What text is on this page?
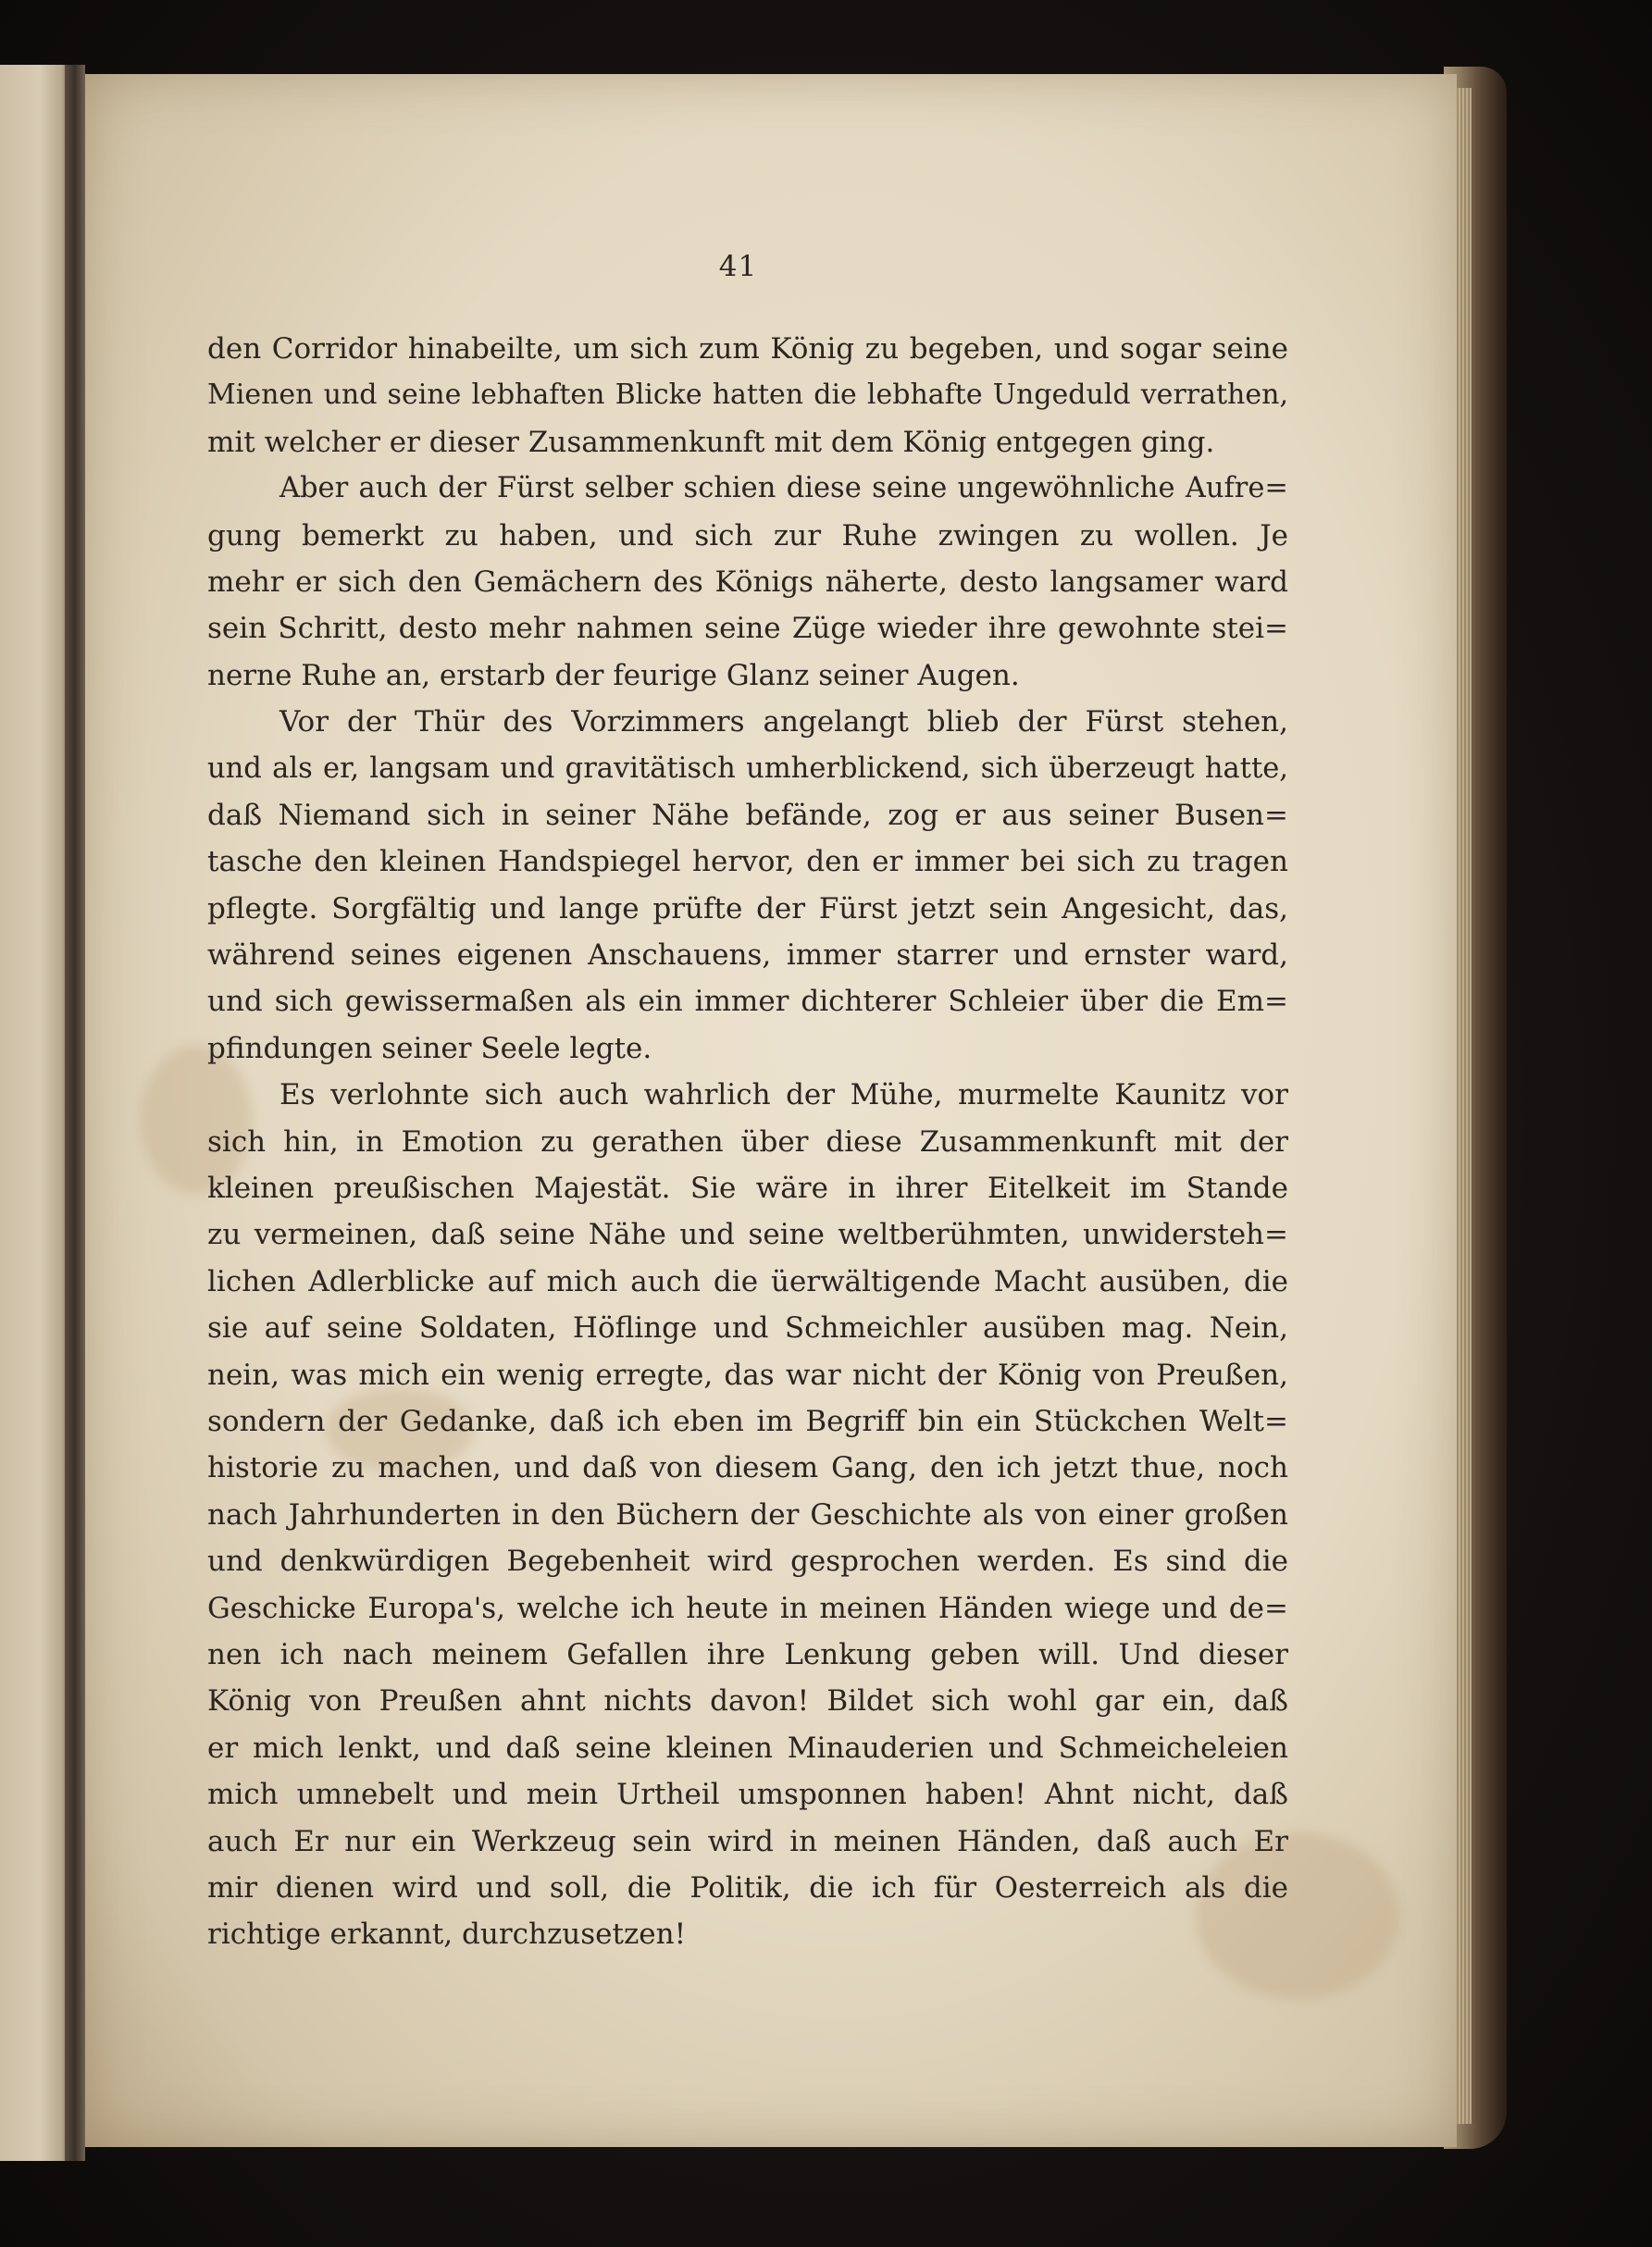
41
den Corridor hinabeilte, um sich zum König zu begeben, und sogar seine
Mienen und seine lebhaften Blicke hatten die lebhafte Ungeduld verrathen,
mit welcher er dieser Zusammenkunft mit dem König entgegen ging.
Aber auch der Fürst selber schien diese seine ungewöhnliche Aufre=
gung bemerkt zu haben, und sich zur Ruhe zwingen zu wollen. Je
mehr er sich den Gemächern des Königs näherte, desto langsamer ward
sein Schritt, desto mehr nahmen seine Züge wieder ihre gewohnte stei=
nerne Ruhe an, erstarb der feurige Glanz seiner Augen.
Vor der Thür des Vorzimmers angelangt blieb der Fürst stehen,
und als er, langsam und gravitätisch umherblickend, sich überzeugt hatte,
daß Niemand sich in seiner Nähe befände, zog er aus seiner Busen=
tasche den kleinen Handspiegel hervor, den er immer bei sich zu tragen
pflegte. Sorgfältig und lange prüfte der Fürst jetzt sein Angesicht, das,
während seines eigenen Anschauens, immer starrer und ernster ward,
und sich gewissermaßen als ein immer dichterer Schleier über die Em=
pfindungen seiner Seele legte.
Es verlohnte sich auch wahrlich der Mühe, murmelte Kaunitz vor
sich hin, in Emotion zu gerathen über diese Zusammenkunft mit der
kleinen preußischen Majestät. Sie wäre in ihrer Eitelkeit im Stande
zu vermeinen, daß seine Nähe und seine weltberühmten, unwidersteh=
lichen Adlerblicke auf mich auch die üerwältigende Macht ausüben, die
sie auf seine Soldaten, Höflinge und Schmeichler ausüben mag. Nein,
nein, was mich ein wenig erregte, das war nicht der König von Preußen,
sondern der Gedanke, daß ich eben im Begriff bin ein Stückchen Welt=
historie zu machen, und daß von diesem Gang, den ich jetzt thue, noch
nach Jahrhunderten in den Büchern der Geschichte als von einer großen
und denkwürdigen Begebenheit wird gesprochen werden. Es sind die
Geschicke Europa's, welche ich heute in meinen Händen wiege und de=
nen ich nach meinem Gefallen ihre Lenkung geben will. Und dieser
König von Preußen ahnt nichts davon! Bildet sich wohl gar ein, daß
er mich lenkt, und daß seine kleinen Minauderien und Schmeicheleien
mich umnebelt und mein Urtheil umsponnen haben! Ahnt nicht, daß
auch Er nur ein Werkzeug sein wird in meinen Händen, daß auch Er
mir dienen wird und soll, die Politik, die ich für Oesterreich als die
richtige erkannt, durchzusetzen!
